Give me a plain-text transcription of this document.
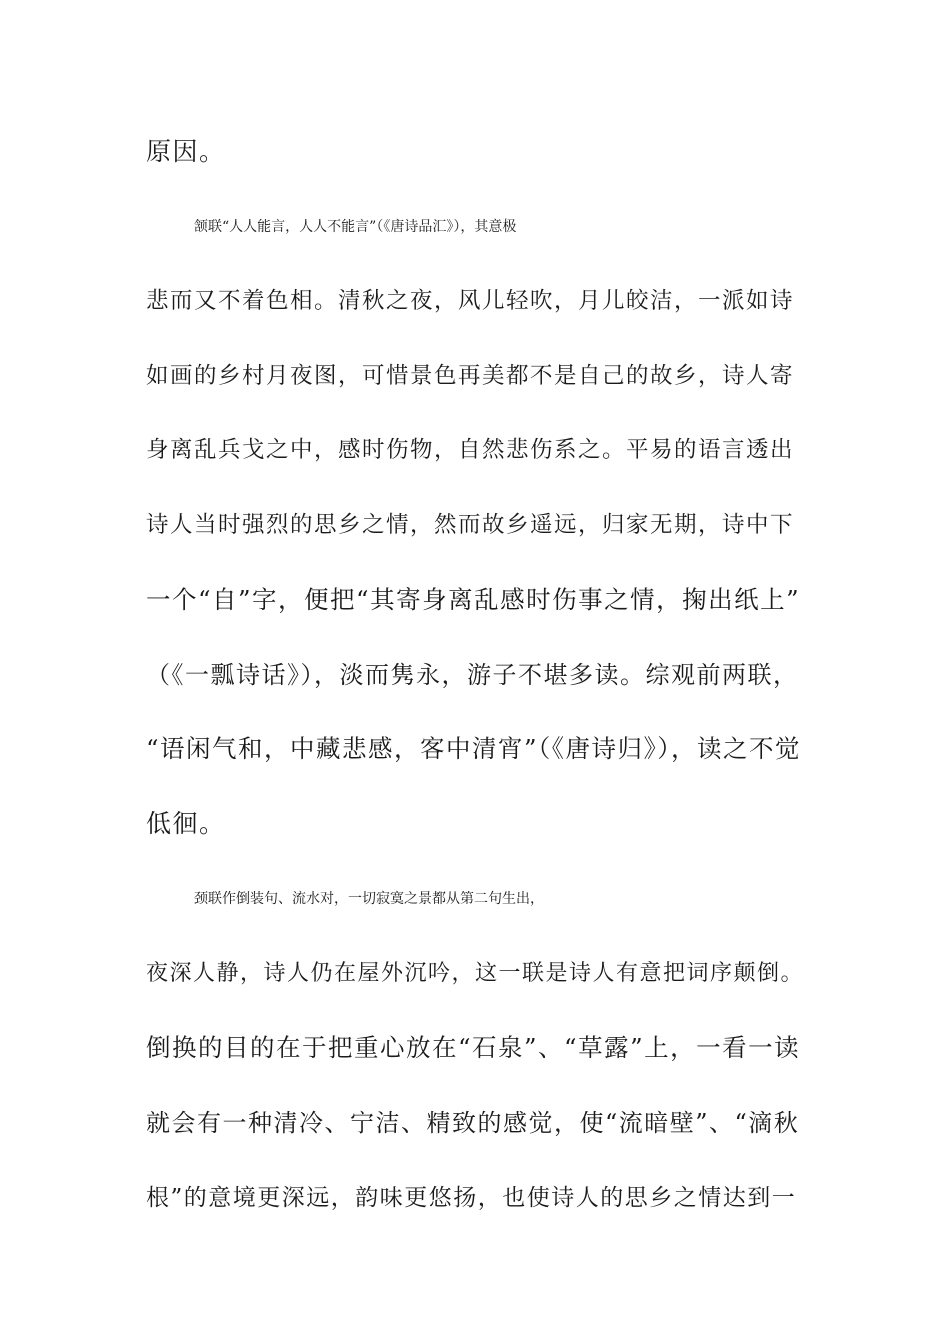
原因。
颔联“人人能言，人人不能言”（《唐诗品汇》），其意极
悲而又不着色相。清秋之夜，风儿轻吹，月儿皎洁，一派如诗
如画的乡村月夜图，可惜景色再美都不是自己的故乡，诗人寄
身离乱兵戈之中，感时伤物，自然悲伤系之。平易的语言透出
诗人当时强烈的思乡之情，然而故乡遥远，归家无期，诗中下
一个“自”字，便把“其寄身离乱感时伤事之情，掬出纸上”
（《一瓢诗话》），淡而隽永，游子不堪多读。综观前两联，
“语闲气和，中藏悲感，客中清宵”（《唐诗归》），读之不觉
低徊。
颈联作倒装句、流水对，一切寂寞之景都从第二句生出，
夜深人静，诗人仍在屋外沉吟，这一联是诗人有意把词序颠倒。
倒换的目的在于把重心放在“石泉”、“草露”上，一看一读
就会有一种清冷、宁洁、精致的感觉，使“流暗壁”、“滴秋
根”的意境更深远，韵味更悠扬，也使诗人的思乡之情达到一
